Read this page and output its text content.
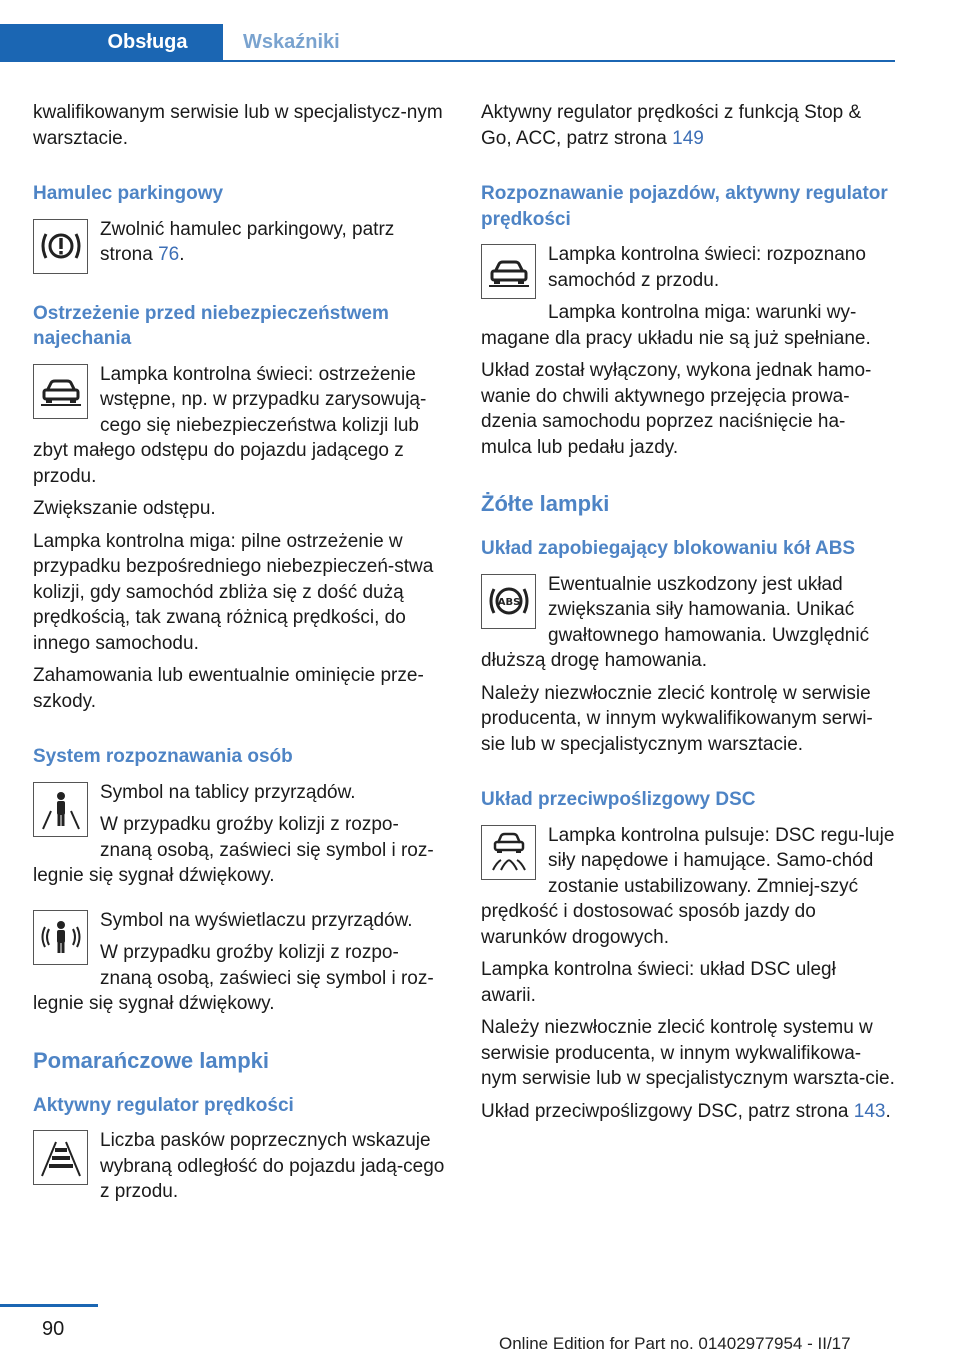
Obsługa	Wskaźniki

kwalifikowanym serwisie lub w specjalistycz‐nym warsztacie.

Hamulec parkingowy

Zwolnić hamulec parkingowy, patrz strona 76.

Ostrzeżenie przed niebezpieczeństwem najechania

Lampka kontrolna świeci: ostrzeżenie wstępne, np. w przypadku zarysowują‐cego się niebezpieczeństwa kolizji lub zbyt małego odstępu do pojazdu jadącego z przodu.

Zwiększanie odstępu.

Lampka kontrolna miga: pilne ostrzeżenie w przypadku bezpośredniego niebezpieczeń‐stwa kolizji, gdy samochód zbliża się z dość dużą prędkością, tak zwaną różnicą prędkości, do innego samochodu.

Zahamowania lub ewentualnie ominięcie prze‐szkody.

System rozpoznawania osób

Symbol na tablicy przyrządów.

W przypadku groźby kolizji z rozpo‐znaną osobą, zaświeci się symbol i roz‐legnie się sygnał dźwiękowy.

Symbol na wyświetlaczu przyrządów.

W przypadku groźby kolizji z rozpo‐znaną osobą, zaświeci się symbol i roz‐legnie się sygnał dźwiękowy.

Pomarańczowe lampki
Aktywny regulator prędkości

Liczba pasków poprzecznych wskazuje wybraną odległość do pojazdu jadą‐cego z przodu.

Aktywny regulator prędkości z funkcją Stop & Go, ACC, patrz strona 149

Rozpoznawanie pojazdów, aktywny regulator prędkości

Lampka kontrolna świeci: rozpoznano samochód z przodu.

Lampka kontrolna miga: warunki wy‐magane dla pracy układu nie są już spełniane.

Układ został wyłączony, wykona jednak hamo‐wanie do chwili aktywnego przejęcia prowa‐dzenia samochodu poprzez naciśnięcie ha‐mulca lub pedału jazdy.

Żółte lampki
Układ zapobiegający blokowaniu kół ABS
ABS

Ewentualnie uszkodzony jest układ zwiększania siły hamowania. Unikać gwałtownego hamowania. Uwzględnić dłuższą drogę hamowania.

Należy niezwłocznie zlecić kontrolę w serwisie producenta, w innym wykwalifikowanym serwi‐sie lub w specjalistycznym warsztacie.

Układ przeciwpoślizgowy DSC

Lampka kontrolna pulsuje: DSC regu‐luje siły napędowe i hamujące. Samo‐chód zostanie ustabilizowany. Zmniej‐szyć prędkość i dostosować sposób jazdy do warunków drogowych.

Lampka kontrolna świeci: układ DSC uległ awarii.

Należy niezwłocznie zlecić kontrolę systemu w serwisie producenta, w innym wykwalifikowa‐nym serwisie lub w specjalistycznym warszta‐cie.

Układ przeciwpoślizgowy DSC, patrz strona 143.

90
Online Edition for Part no. 01402977954 - II/17
